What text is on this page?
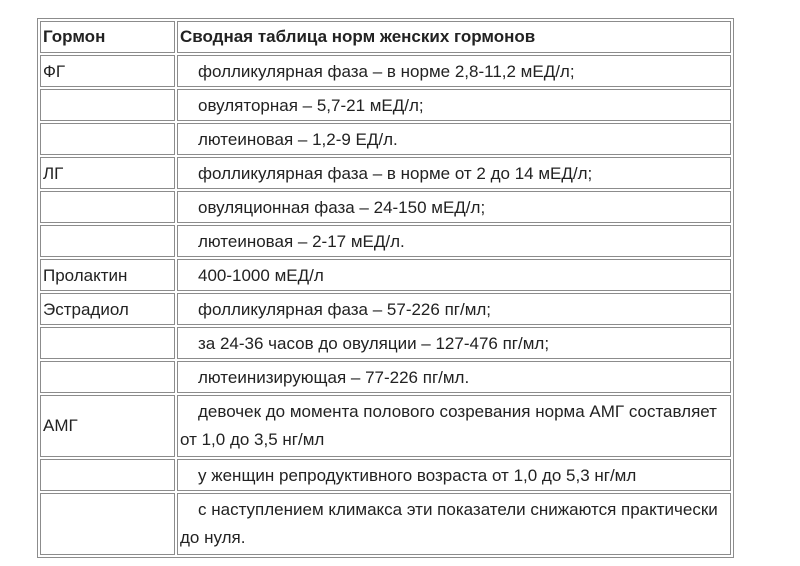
Гормон	Сводная таблица норм женских гормонов
ФГ	фолликулярная фаза – в норме 2,8-11,2 мЕД/л;
	овуляторная – 5,7-21 мЕД/л;
	лютеиновая – 1,2-9 ЕД/л.
ЛГ	фолликулярная фаза – в норме от 2 до 14 мЕД/л;
	овуляционная фаза – 24-150 мЕД/л;
	лютеиновая – 2-17 мЕД/л.
Пролактин	400-1000 мЕД/л
Эстрадиол	фолликулярная фаза – 57-226 пг/мл;
	за 24-36 часов до овуляции – 127-476 пг/мл;
	лютеинизирующая – 77-226 пг/мл.
АМГ	девочек до момента полового созревания норма АМГ составляет от 1,0 до 3,5 нг/мл
	у женщин репродуктивного возраста от 1,0 до 5,3 нг/мл
	с наступлением климакса эти показатели снижаются практически до нуля.
